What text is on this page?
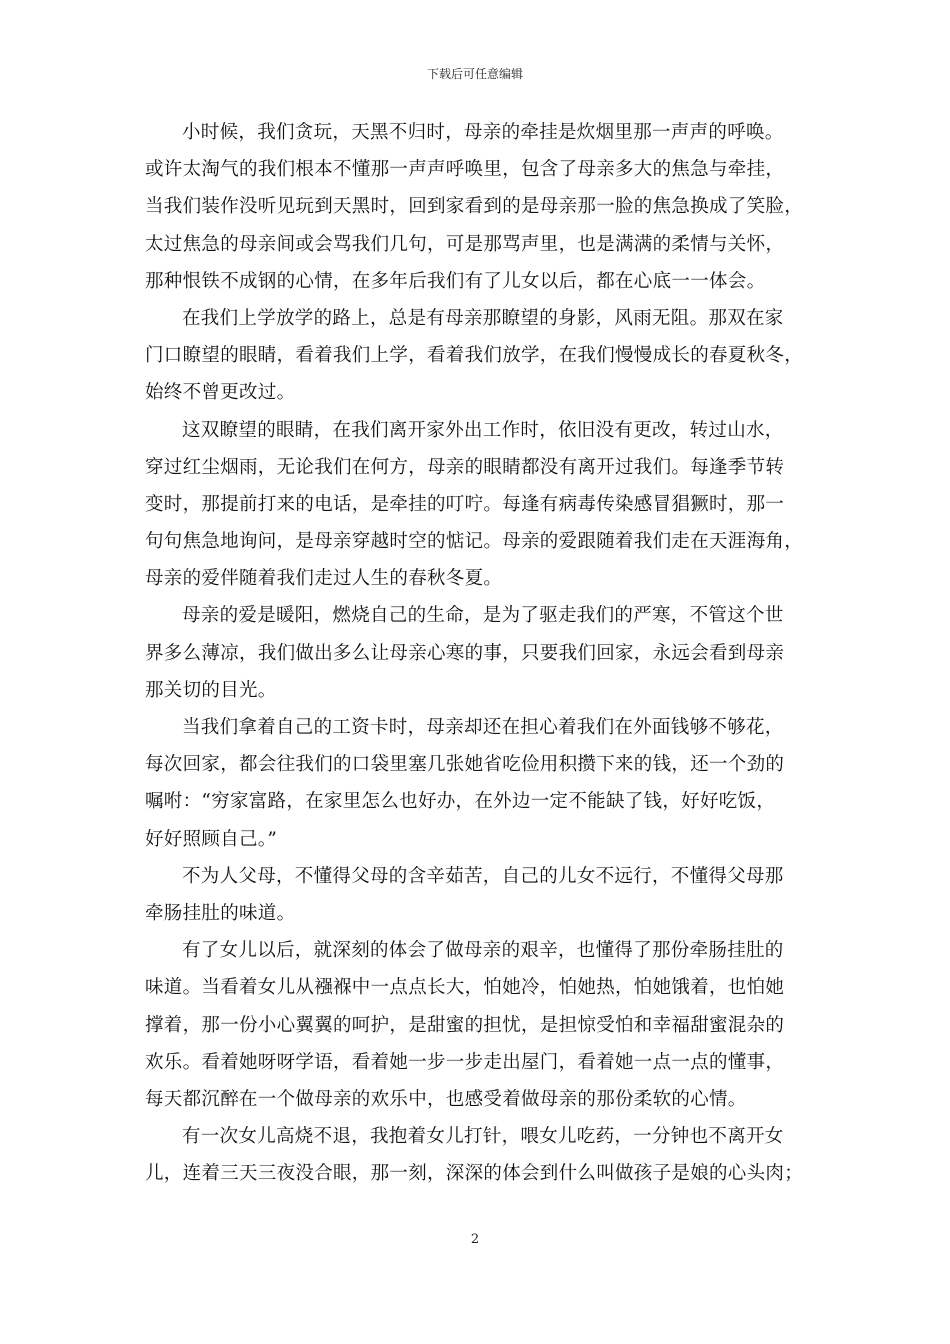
下载后可任意编辑
小时候，我们贪玩，天黑不归时，母亲的牵挂是炊烟里那一声声的呼唤。
或许太淘气的我们根本不懂那一声声呼唤里，包含了母亲多大的焦急与牵挂，
当我们装作没听见玩到天黑时，回到家看到的是母亲那一脸的焦急换成了笑脸，
太过焦急的母亲间或会骂我们几句，可是那骂声里，也是满满的柔情与关怀，
那种恨铁不成钢的心情，在多年后我们有了儿女以后，都在心底一一体会。
在我们上学放学的路上，总是有母亲那瞭望的身影，风雨无阻。那双在家
门口瞭望的眼睛，看着我们上学，看着我们放学，在我们慢慢成长的春夏秋冬，
始终不曾更改过。
这双瞭望的眼睛，在我们离开家外出工作时，依旧没有更改，转过山水，
穿过红尘烟雨，无论我们在何方，母亲的眼睛都没有离开过我们。每逢季节转
变时，那提前打来的电话，是牵挂的叮咛。每逢有病毒传染感冒猖獗时，那一
句句焦急地询问，是母亲穿越时空的惦记。母亲的爱跟随着我们走在天涯海角，
母亲的爱伴随着我们走过人生的春秋冬夏。
母亲的爱是暖阳，燃烧自己的生命，是为了驱走我们的严寒，不管这个世
界多么薄凉，我们做出多么让母亲心寒的事，只要我们回家，永远会看到母亲
那关切的目光。
当我们拿着自己的工资卡时，母亲却还在担心着我们在外面钱够不够花，
每次回家，都会往我们的口袋里塞几张她省吃俭用积攒下来的钱，还一个劲的
嘱咐：“穷家富路，在家里怎么也好办，在外边一定不能缺了钱，好好吃饭，
好好照顾自己。”
不为人父母，不懂得父母的含辛茹苦，自己的儿女不远行，不懂得父母那
牵肠挂肚的味道。
有了女儿以后，就深刻的体会了做母亲的艰辛，也懂得了那份牵肠挂肚的
味道。当看着女儿从襁褓中一点点长大，怕她冷，怕她热，怕她饿着，也怕她
撑着，那一份小心翼翼的呵护，是甜蜜的担忧，是担惊受怕和幸福甜蜜混杂的
欢乐。看着她呀呀学语，看着她一步一步走出屋门，看着她一点一点的懂事，
每天都沉醉在一个做母亲的欢乐中，也感受着做母亲的那份柔软的心情。
有一次女儿高烧不退，我抱着女儿打针，喂女儿吃药，一分钟也不离开女
儿，连着三天三夜没合眼，那一刻，深深的体会到什么叫做孩子是娘的心头肉；
2
